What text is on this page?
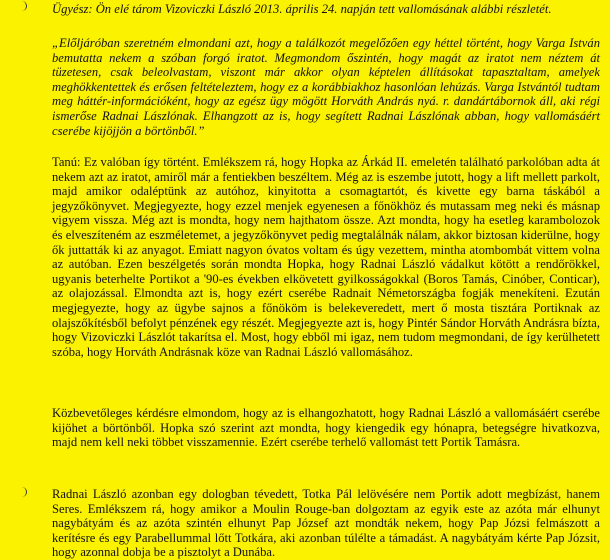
Ügyész: Ön elé tárom Vizoviczki László 2013. április 24. napján tett vallomásának alábbi részletét.

„Előljáróban szeretném elmondani azt, hogy a találkozót megelőzően egy héttel történt, hogy Varga István bemutatta nekem a szóban forgó iratot. Megmondom őszintén, hogy magát az iratot nem néztem át tüzetesen, csak beleolvastam, viszont már akkor olyan képtelen állításokat tapasztaltam, amelyek meghökkentettek és erősen feltételeztem, hogy ez a korábbiakhoz hasonlóan lehúzás. Varga Istvántól tudtam meg háttér-információként, hogy az egész ügy mögött Horváth András nyá. r. dandártábornok áll, aki régi ismerőse Radnai Lászlónak. Elhangzott az is, hogy segített Radnai Lászlónak abban, hogy vallomásáért cserébe kijöjjön a börtönből.”

Tanú: Ez valóban így történt. Emlékszem rá, hogy Hopka az Árkád II. emeletén található parkolóban adta át nekem azt az iratot, amiről már a fentiekben beszéltem. Még az is eszembe jutott, hogy a lift mellett parkolt, majd amikor odaléptünk az autóhoz, kinyitotta a csomagtartót, és kivette egy barna táskából a jegyzőkönyvet. Megjegyezte, hogy ezzel menjek egyenesen a főnökhöz és mutassam meg neki és másnap vigyem vissza. Még azt is mondta, hogy nem hajthatom össze. Azt mondta, hogy ha esetleg karambolozok és elveszíteném az eszméletemet, a jegyzőkönyvet pedig megtalálnák nálam, akkor biztosan kiderülne, hogy ők juttatták ki az anyagot. Emiatt nagyon óvatos voltam és úgy vezettem, mintha atombombát vittem volna az autóban. Ezen beszélgetés során mondta Hopka, hogy Radnai László vádalkut kötött a rendőrökkel, ugyanis beterhelte Portikot a '90-es években elkövetett gyilkosságokkal (Boros Tamás, Cinóber, Conticar), az olajozással. Elmondta azt is, hogy ezért cserébe Radnait Németországba fogják menekíteni. Ezután megjegyezte, hogy az ügybe sajnos a főnököm is belekeveredett, mert ő mosta tisztára Portiknak az olajszőkítésből befolyt pénzének egy részét. Megjegyezte azt is, hogy Pintér Sándor Horváth Andrásra bízta, hogy Vizoviczki Lászlót takarítsa el. Most, hogy ebből mi igaz, nem tudom megmondani, de így kerülhetett szóba, hogy Horváth Andrásnak köze van Radnai László vallomásához.

Közbevetőleges kérdésre elmondom, hogy az is elhangozhatott, hogy Radnai László a vallomásáért cserébe kijöhet a börtönből. Hopka szó szerint azt mondta, hogy kiengedik egy hónapra, betegségre hivatkozva, majd nem kell neki többet visszamennie. Ezért cserébe terhelő vallomást tett Portik Tamásra.

Radnai László azonban egy dologban tévedett, Totka Pál lelövésére nem Portik adott megbízást, hanem Seres. Emlékszem rá, hogy amikor a Moulin Rouge-ban dolgoztam az egyik este az azóta már elhunyt nagybátyám és az azóta szintén elhunyt Pap József azt mondták nekem, hogy Pap Józsi felmászott a kerítésre és egy Parabellummal lőtt Totkára, aki azonban túlélte a támadást. A nagybátyám kérte Pap Józsit, hogy azonnal dobja be a pisztolyt a Dunába.
